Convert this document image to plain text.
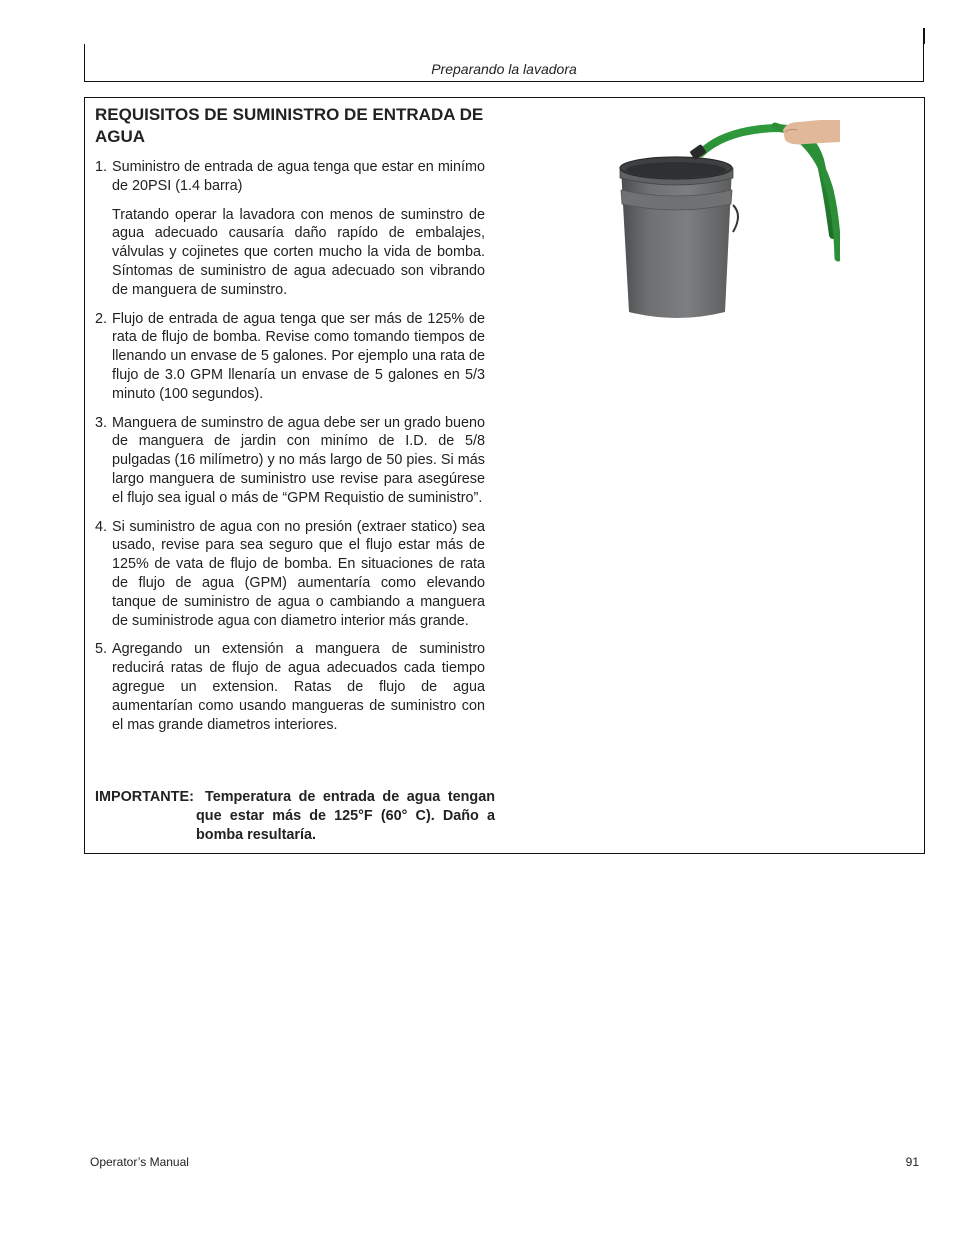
Preparando la lavadora
REQUISITOS DE SUMINISTRO DE ENTRADA DE AGUA
1. Suministro de entrada de agua tenga que estar en minímo de 20PSI (1.4 barra)

Tratando operar la lavadora con menos de suminstro de agua adecuado causaría daño rapído de embalajes, válvulas y cojinetes que corten mucho la vida de bomba. Síntomas de suministro de agua adecuado son vibrando de manguera de suminstro.

2. Flujo de entrada de agua tenga que ser más de 125% de rata de flujo de bomba. Revise como tomando tiempos de llenando un envase de 5 galones. Por ejemplo una rata de flujo de 3.0 GPM llenaría un envase de 5 galones en 5/3 minuto (100 segundos).

3. Manguera de suminstro de agua debe ser un grado bueno de manguera de jardin con minímo de I.D. de 5/8 pulgadas (16 milímetro) y no más largo de 50 pies. Si más largo manguera de suministro use revise para asegúrese el flujo sea igual o más de “GPM Requistio de suministro”.

4. Si suministro de agua con no presión (extraer statico) sea usado, revise para sea seguro que el flujo estar más de 125% de vata de flujo de bomba. En situaciones de rata de flujo de agua (GPM) aumentaría como elevando tanque de suministro de agua o cambiando a manguera de suministrode agua con diametro interior más grande.

5. Agregando un extensión a manguera de suministro reducirá ratas de flujo de agua adecuados cada tiempo agregue un extension. Ratas de flujo de agua aumentarían como usando mangueras de suministro con el mas grande diametros interiores.

IMPORTANTE: Temperatura de entrada de agua tengan que estar más de 125°F (60° C). Daño a bomba resultaría.
Operator’s Manual	91
